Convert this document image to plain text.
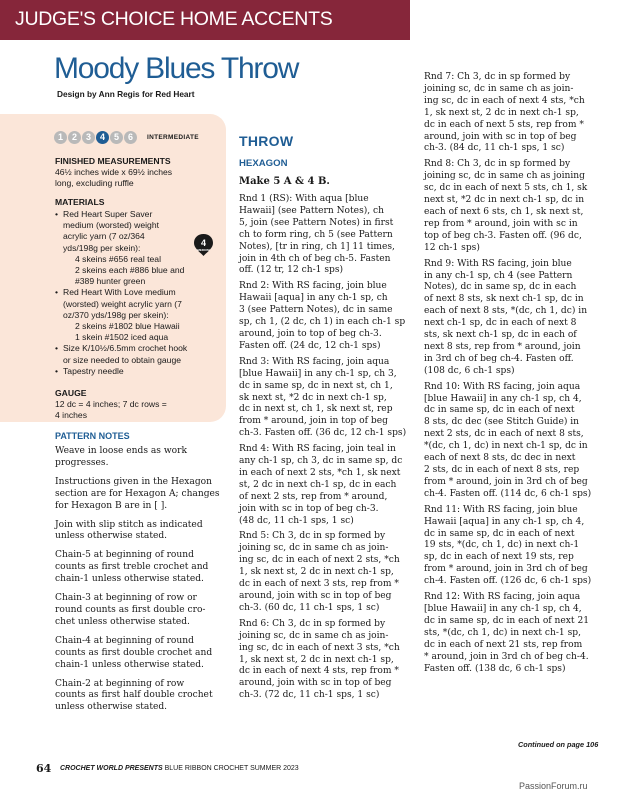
JUDGE'S CHOICE HOME ACCENTS
Moody Blues Throw
Design by Ann Regis for Red Heart
1 2 3 4 5 6	INTERMEDIATE
FINISHED MEASUREMENTS
46½ inches wide x 69½ inches
long, excluding ruffle
MATERIALS
• Red Heart Super Saver
medium (worsted) weight
acrylic yarn (7 oz/364
yds/198g per skein):
4 skeins #656 real teal
2 skeins each #886 blue and
#389 hunter green
• Red Heart With Love medium
(worsted) weight acrylic yarn (7
oz/370 yds/198g per skein):
2 skeins #1802 blue Hawaii
1 skein #1502 iced aqua
• Size K/10½/6.5mm crochet hook
or size needed to obtain gauge
• Tapestry needle
4
MEDIUM
GAUGE
12 dc = 4 inches; 7 dc rows =
4 inches
PATTERN NOTES

Weave in loose ends as work
progresses.

Instructions given in the Hexagon
section are for Hexagon A; changes
for Hexagon B are in [ ].

Join with slip stitch as indicated
unless otherwise stated.

Chain-5 at beginning of round
counts as first treble crochet and
chain-1 unless otherwise stated.

Chain-3 at beginning of row or
round counts as first double cro-
chet unless otherwise stated.

Chain-4 at beginning of round
counts as first double crochet and
chain-1 unless otherwise stated.

Chain-2 at beginning of row
counts as first half double crochet
unless otherwise stated.

THROW
HEXAGON
Make 5 A & 4 B.
Rnd 1 (RS): With aqua [blue
Hawaii] (see Pattern Notes), ch
5, join (see Pattern Notes) in first
ch to form ring, ch 5 (see Pattern
Notes), [tr in ring, ch 1] 11 times,
join in 4th ch of beg ch-5. Fasten
off. (12 tr, 12 ch-1 sps)
Rnd 2: With RS facing, join blue
Hawaii [aqua] in any ch-1 sp, ch
3 (see Pattern Notes), dc in same
sp, ch 1, (2 dc, ch 1) in each ch-1 sp
around, join to top of beg ch-3.
Fasten off. (24 dc, 12 ch-1 sps)
Rnd 3: With RS facing, join aqua
[blue Hawaii] in any ch-1 sp, ch 3,
dc in same sp, dc in next st, ch 1,
sk next st, *2 dc in next ch-1 sp,
dc in next st, ch 1, sk next st, rep
from * around, join in top of beg
ch-3. Fasten off. (36 dc, 12 ch-1 sps)
Rnd 4: With RS facing, join teal in
any ch-1 sp, ch 3, dc in same sp, dc
in each of next 2 sts, *ch 1, sk next
st, 2 dc in next ch-1 sp, dc in each
of next 2 sts, rep from * around,
join with sc in top of beg ch-3.
(48 dc, 11 ch-1 sps, 1 sc)
Rnd 5: Ch 3, dc in sp formed by
joining sc, dc in same ch as join-
ing sc, dc in each of next 2 sts, *ch
1, sk next st, 2 dc in next ch-1 sp,
dc in each of next 3 sts, rep from *
around, join with sc in top of beg
ch-3. (60 dc, 11 ch-1 sps, 1 sc)
Rnd 6: Ch 3, dc in sp formed by
joining sc, dc in same ch as join-
ing sc, dc in each of next 3 sts, *ch
1, sk next st, 2 dc in next ch-1 sp,
dc in each of next 4 sts, rep from *
around, join with sc in top of beg
ch-3. (72 dc, 11 ch-1 sps, 1 sc)
Rnd 7: Ch 3, dc in sp formed by
joining sc, dc in same ch as join-
ing sc, dc in each of next 4 sts, *ch
1, sk next st, 2 dc in next ch-1 sp,
dc in each of next 5 sts, rep from *
around, join with sc in top of beg
ch-3. (84 dc, 11 ch-1 sps, 1 sc)
Rnd 8: Ch 3, dc in sp formed by
joining sc, dc in same ch as joining
sc, dc in each of next 5 sts, ch 1, sk
next st, *2 dc in next ch-1 sp, dc in
each of next 6 sts, ch 1, sk next st,
rep from * around, join with sc in
top of beg ch-3. Fasten off. (96 dc,
12 ch-1 sps)
Rnd 9: With RS facing, join blue
in any ch-1 sp, ch 4 (see Pattern
Notes), dc in same sp, dc in each
of next 8 sts, sk next ch-1 sp, dc in
each of next 8 sts, *(dc, ch 1, dc) in
next ch-1 sp, dc in each of next 8
sts, sk next ch-1 sp, dc in each of
next 8 sts, rep from * around, join
in 3rd ch of beg ch-4. Fasten off.
(108 dc, 6 ch-1 sps)
Rnd 10: With RS facing, join aqua
[blue Hawaii] in any ch-1 sp, ch 4,
dc in same sp, dc in each of next
8 sts, dc dec (see Stitch Guide) in
next 2 sts, dc in each of next 8 sts,
*(dc, ch 1, dc) in next ch-1 sp, dc in
each of next 8 sts, dc dec in next
2 sts, dc in each of next 8 sts, rep
from * around, join in 3rd ch of beg
ch-4. Fasten off. (114 dc, 6 ch-1 sps)
Rnd 11: With RS facing, join blue
Hawaii [aqua] in any ch-1 sp, ch 4,
dc in same sp, dc in each of next
19 sts, *(dc, ch 1, dc) in next ch-1
sp, dc in each of next 19 sts, rep
from * around, join in 3rd ch of beg
ch-4. Fasten off. (126 dc, 6 ch-1 sps)
Rnd 12: With RS facing, join aqua
[blue Hawaii] in any ch-1 sp, ch 4,
dc in same sp, dc in each of next 21
sts, *(dc, ch 1, dc) in next ch-1 sp,
dc in each of next 21 sts, rep from
* around, join in 3rd ch of beg ch-4.
Fasten off. (138 dc, 6 ch-1 sps)
Continued on page 106
64 CROCHET WORLD PRESENTS BLUE RIBBON CROCHET SUMMER 2023
PassionForum.ru
